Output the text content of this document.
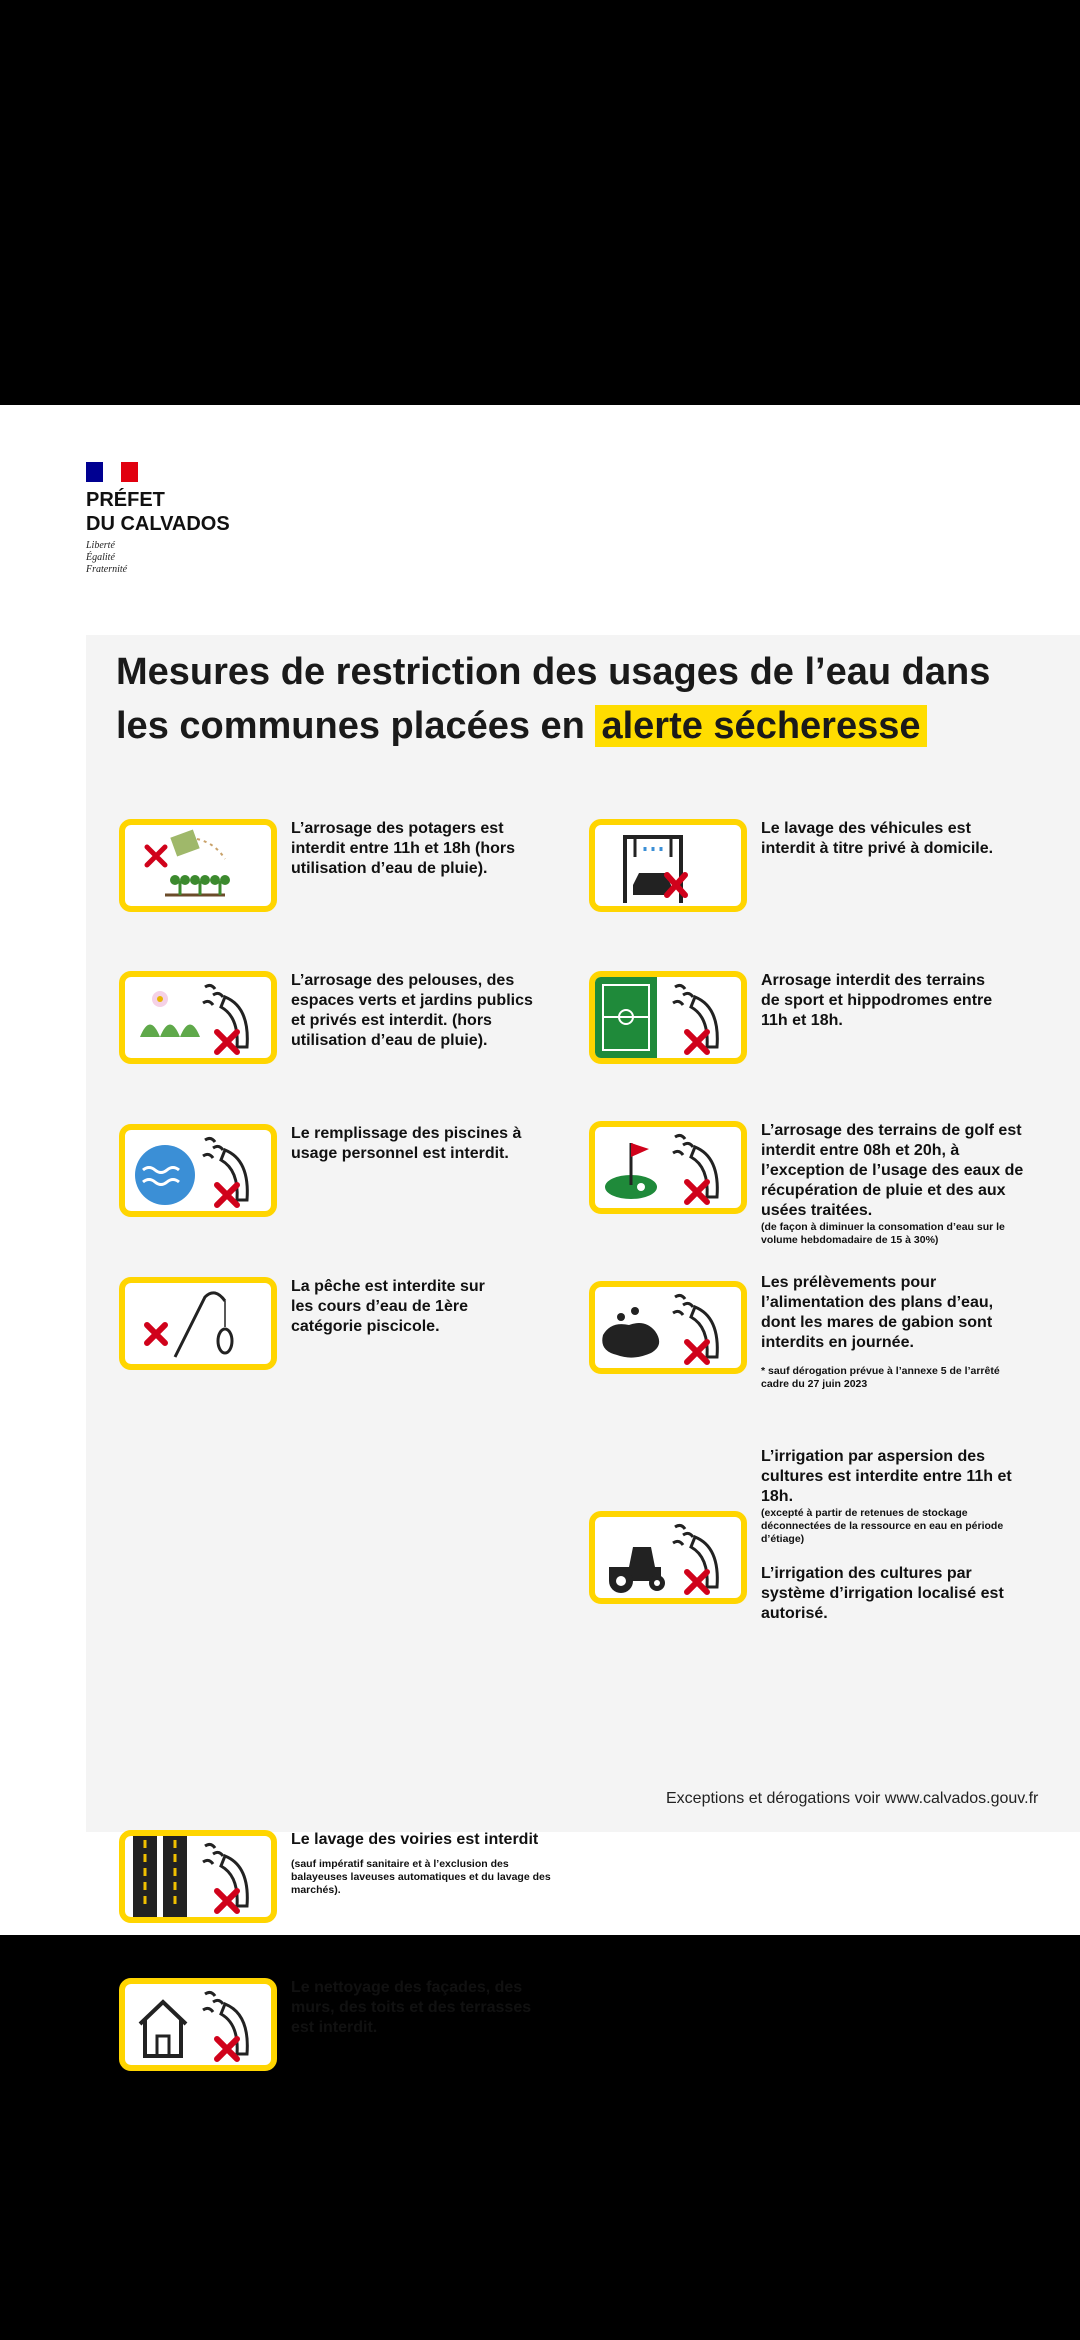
PRÉFET
DU CALVADOS
Liberté
Égalité
Fraternité
Mesures de restriction des usages de l’eau dans les communes placées en alerte sécheresse
L’arrosage des potagers est interdit entre 11h et 18h (hors utilisation d’eau de pluie).
L’arrosage des pelouses, des espaces verts et jardins publics et privés est interdit. (hors utilisation d’eau de pluie).
Le remplissage des piscines à usage personnel est interdit.
La pêche est interdite sur les cours d’eau de 1ère catégorie piscicole.
Le lavage des voiries est interdit
(sauf impératif sanitaire et à l’exclusion des balayeuses laveuses automatiques et du lavage des marchés).
Le nettoyage des façades, des murs, des toits et des terrasses est interdit.
Le lavage des véhicules est interdit à titre privé à domicile.
Arrosage interdit des terrains de sport et hippodromes entre 11h et 18h.
L’arrosage des terrains de golf est interdit entre 08h et 20h, à l’exception de l’usage des eaux de récupération de pluie et des aux usées traitées.
(de façon à diminuer la consomation d’eau sur le volume hebdomadaire de 15 à 30%)
Les prélèvements pour l’alimentation des plans d’eau, dont les mares de gabion sont interdits en journée.
* sauf dérogation prévue à l’annexe 5 de l’arrêté cadre du 27 juin 2023
L’irrigation par aspersion des cultures est interdite entre 11h et 18h.
(excepté à partir de retenues de stockage déconnectées de la ressource en eau en période d’étiage)
L’irrigation des cultures par système d’irrigation localisé est autorisé.
Exceptions et dérogations voir www.calvados.gouv.fr
